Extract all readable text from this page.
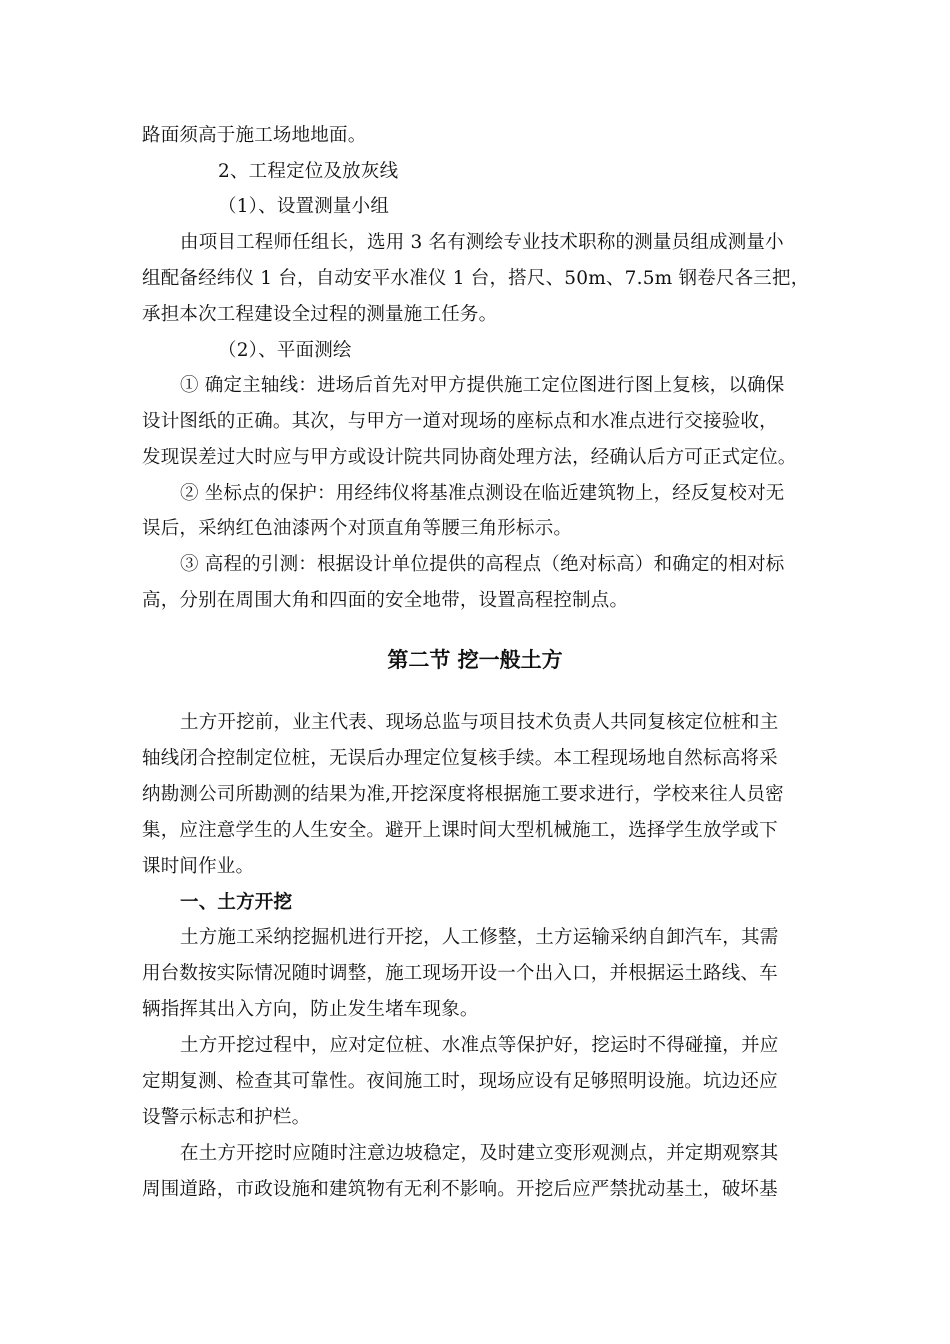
路面须高于施工场地地面。
2、工程定位及放灰线
（1）、设置测量小组
由项目工程师任组长，选用 3 名有测绘专业技术职称的测量员组成测量小
组配备经纬仪 1 台，自动安平水准仪 1 台，搭尺、50m、7.5m 钢卷尺各三把，
承担本次工程建设全过程的测量施工任务。
（2）、平面测绘
① 确定主轴线：进场后首先对甲方提供施工定位图进行图上复核，以确保
设计图纸的正确。其次，与甲方一道对现场的座标点和水准点进行交接验收，
发现误差过大时应与甲方或设计院共同协商处理方法，经确认后方可正式定位。
② 坐标点的保护：用经纬仪将基准点测设在临近建筑物上，经反复校对无
误后，采纳红色油漆两个对顶直角等腰三角形标示。
③ 高程的引测：根据设计单位提供的高程点（绝对标高）和确定的相对标
高，分别在周围大角和四面的安全地带，设置高程控制点。
第二节 挖一般土方
土方开挖前，业主代表、现场总监与项目技术负责人共同复核定位桩和主
轴线闭合控制定位桩，无误后办理定位复核手续。本工程现场地自然标高将采
纳勘测公司所勘测的结果为准,开挖深度将根据施工要求进行，学校来往人员密
集，应注意学生的人生安全。避开上课时间大型机械施工，选择学生放学或下
课时间作业。
一、土方开挖
土方施工采纳挖掘机进行开挖，人工修整，土方运输采纳自卸汽车，其需
用台数按实际情况随时调整，施工现场开设一个出入口，并根据运土路线、车
辆指挥其出入方向，防止发生堵车现象。
土方开挖过程中，应对定位桩、水准点等保护好，挖运时不得碰撞，并应
定期复测、检查其可靠性。夜间施工时，现场应设有足够照明设施。坑边还应
设警示标志和护栏。
在土方开挖时应随时注意边坡稳定，及时建立变形观测点，并定期观察其
周围道路，市政设施和建筑物有无利不影响。开挖后应严禁扰动基土，破坏基
